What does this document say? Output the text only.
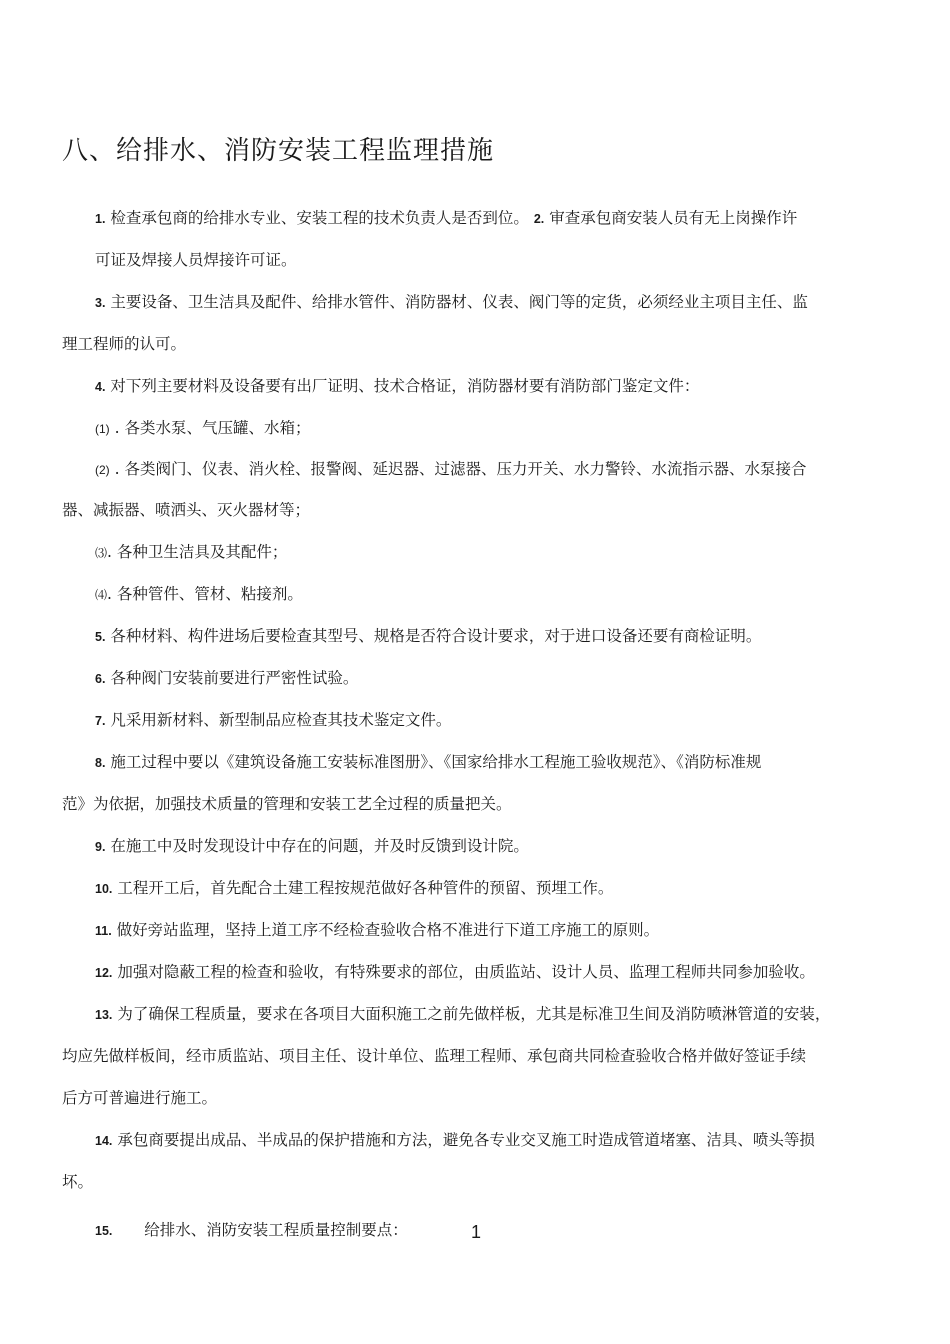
八、给排水、消防安装工程监理措施
1. 检查承包商的给排水专业、安装工程的技术负责人是否到位。 2. 审查承包商安装人员有无上岗操作许
可证及焊接人员焊接许可证。
3. 主要设备、卫生洁具及配件、给排水管件、消防器材、仪表、阀门等的定货，必须经业主项目主任、监
理工程师的认可。
4. 对下列主要材料及设备要有出厂证明、技术合格证，消防器材要有消防部门鉴定文件：
(1) . 各类水泵、气压罐、水箱；
(2) . 各类阀门、仪表、消火栓、报警阀、延迟器、过滤器、压力开关、水力警铃、水流指示器、水泵接合
器、减振器、喷洒头、灭火器材等；
⑶. 各种卫生洁具及其配件；
⑷. 各种管件、管材、粘接剂。
5. 各种材料、构件进场后要检查其型号、规格是否符合设计要求，对于进口设备还要有商检证明。
6. 各种阀门安装前要进行严密性试验。
7. 凡采用新材料、新型制品应检查其技术鉴定文件。
8. 施工过程中要以《建筑设备施工安装标准图册》、《国家给排水工程施工验收规范》、《消防标准规
范》为依据，加强技术质量的管理和安装工艺全过程的质量把关。
9. 在施工中及时发现设计中存在的问题，并及时反馈到设计院。
10. 工程开工后，首先配合土建工程按规范做好各种管件的预留、预埋工作。
11. 做好旁站监理，坚持上道工序不经检查验收合格不准进行下道工序施工的原则。
12. 加强对隐蔽工程的检查和验收，有特殊要求的部位，由质监站、设计人员、监理工程师共同参加验收。
13. 为了确保工程质量，要求在各项目大面积施工之前先做样板，尤其是标准卫生间及消防喷淋管道的安装，
均应先做样板间，经市质监站、项目主任、设计单位、监理工程师、承包商共同检查验收合格并做好签证手续
后方可普遍进行施工。
14. 承包商要提出成品、半成品的保护措施和方法，避免各专业交叉施工时造成管道堵塞、洁具、喷头等损
坏。
15. 给排水、消防安装工程质量控制要点：	1
